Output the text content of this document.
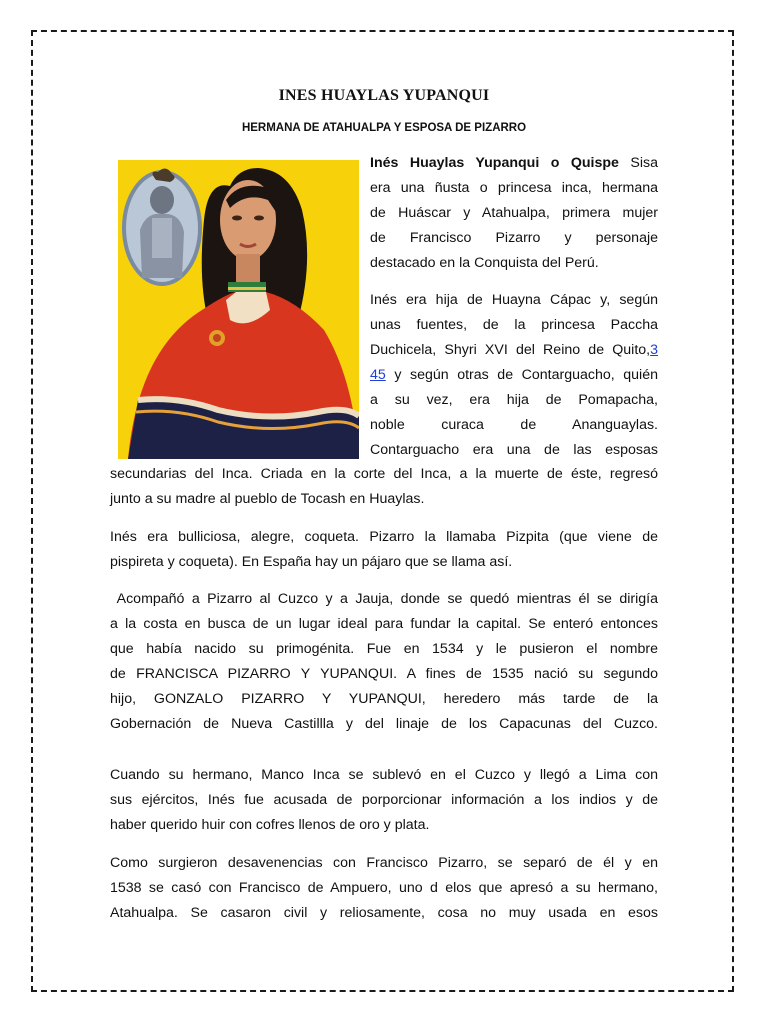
INES HUAYLAS YUPANQUI
HERMANA DE ATAHUALPA Y ESPOSA DE PIZARRO
Inés Huaylas Yupanqui o Quispe Sisa
era una ñusta o princesa inca, hermana
de Huáscar y Atahualpa, primera mujer
de Francisco Pizarro y personaje
destacado en la Conquista del Perú.
Inés era hija de Huayna Cápac y, según
unas fuentes, de la princesa Paccha
Duchicela, Shyri XVI del Reino de Quito,3
45 y según otras de Contarguacho, quién
a su vez, era hija de Pomapacha,
noble curaca de	Ananguaylas.
Contarguacho era una de las esposas
secundarias del Inca. Criada en la corte del Inca, a la muerte de éste, regresó
junto a su madre al pueblo de Tocash en Huaylas.
Inés era bulliciosa, alegre, coqueta. Pizarro la llamaba Pizpita (que viene de
pispireta y coqueta). En España hay un pájaro que se llama así.
Acompañó a Pizarro al Cuzco y a Jauja, donde se quedó mientras él se dirigía
a la costa en busca de un lugar ideal para fundar la capital. Se enteró entonces
que había nacido su primogénita. Fue en 1534 y le pusieron el nombre
de FRANCISCA PIZARRO Y YUPANQUI. A fines de 1535 nació su segundo
hijo, GONZALO PIZARRO Y YUPANQUI, heredero más tarde de la
Gobernación de Nueva Castillla y del linaje de los Capacunas del Cuzco.
Cuando su hermano, Manco Inca se sublevó en el Cuzco y llegó a Lima con
sus ejércitos, Inés fue acusada de porporcionar información a los indios y de
haber querido huir con cofres llenos de oro y plata.
Como surgieron desavenencias con Francisco Pizarro, se separó de él y en
1538 se casó con Francisco de Ampuero, uno d elos que apresó a su hermano,
Atahualpa. Se casaron civil y reliosamente, cosa no muy usada en esos
